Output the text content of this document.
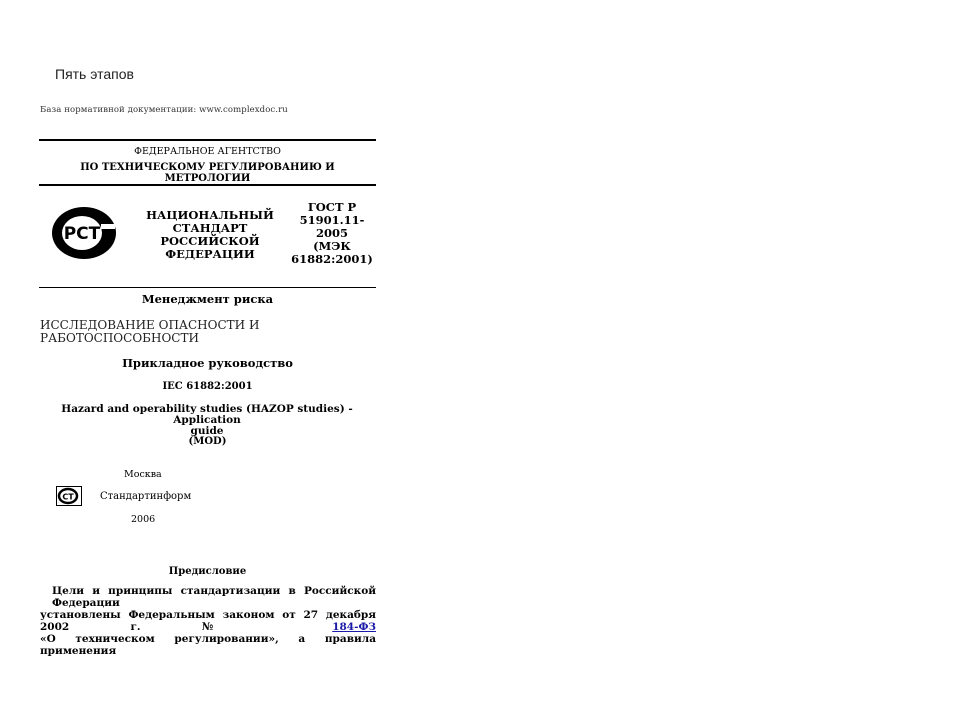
Пять этапов
База нормативной документации: www.complexdoc.ru
ФЕДЕРАЛЬНОЕ АГЕНТСТВО
ПО ТЕХНИЧЕСКОМУ РЕГУЛИРОВАНИЮ И МЕТРОЛОГИИ
РСТ
НАЦИОНАЛЬНЫЙ
СТАНДАРТ
РОССИЙСКОЙ
ФЕДЕРАЦИИ
ГОСТ Р
51901.11-
2005
(МЭК
61882:2001)
Менеджмент риска
ИССЛЕДОВАНИЕ ОПАСНОСТИ И
РАБОТОСПОСОБНОСТИ
Прикладное руководство
IEC 61882:2001
Hazard and operability studies (HAZOP studies) - Application
guide
(MOD)
Москва
СТ	Стандартинформ
2006
Предисловие
Цели и принципы стандартизации в Российской Федерации
установлены Федеральным законом от 27 декабря 2002 г. №	184-ФЗ
«О техническом регулировании», а правила применения
